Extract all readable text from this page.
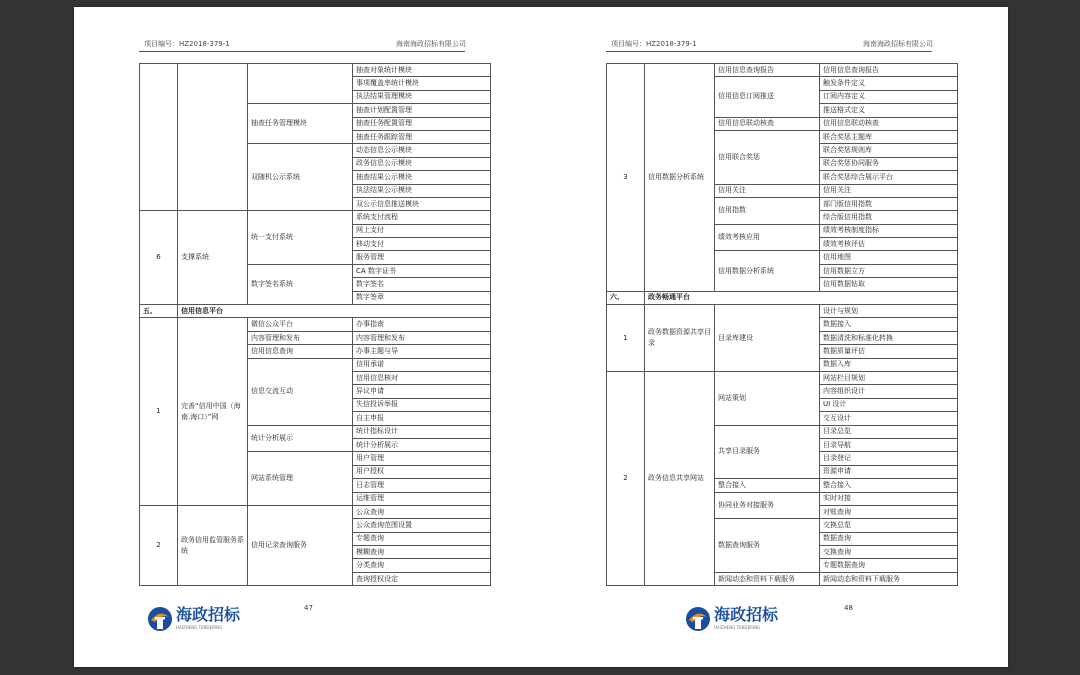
项目编号：HZ2018-379-1	海南海政招标有限公司
			抽查对象统计模块
			事项覆盖率统计模块
			执法结果管理模块
		抽查任务管理模块	抽查计划配置管理
			抽查任务配置管理
			抽查任务跟踪管理
		双随机公示系统	动态信息公示模块
			政务信息公示模块
			抽查结果公示模块
			执法结果公示模块
			双公示信息推送模块
6	支撑系统	统一支付系统	系统支付流程
			网上支付
			移动支付
			服务管理
		数字签名系统	CA 数字证书
			数字签名
			数字签章
五、	信用信息平台		
1	完善“信用中国（海南.海口）”网	微信公众平台	办事指南
		内容管理和发布	内容管理和发布
		信用信息查询	办事主题与导
		信息交流互动	信用承诺
			信用信息核对
			异议申请
			失信投诉举报
			自主申报
		统计分析展示	统计指标设计
			统计分析展示
		网站系统管理	用户管理
			用户授权
			日志管理
			运维管理
2	政务信用监管服务系统	信用记录查询服务	公众查询
			公众查询范围设置
			专题查询
			模糊查询
			分类查询
			查询授权设定
海政招标
HAIZHENG TENDERING
47
项目编号：HZ2018-379-1	海南海政招标有限公司
3	信用数据分析系统	信用信息查询报告	信用信息查询报告
		信用信息订阅推送	触发条件定义
			订阅内容定义
			推送格式定义
		信用信息联动核查	信用信息联动核查
		信用联合奖惩	联合奖惩主题库
			联合奖惩规则库
			联合奖惩协同服务
			联合奖惩综合展示平台
		信用关注	信用关注
		信用指数	部门版信用指数
			综合版信用指数
		绩效考核应用	绩效考核制度指标
			绩效考核评估
		信用数据分析系统	信用地图
			信用数据立方
			信用数据钻取
六、	政务畅通平台		
1	政务数据资源共享目录	目录库建设	设计与规划
			数据接入
			数据清洗和标准化转换
			数据质量评估
			数据入库
2	政务信息共享网站	网站策划	网站栏目规划
			内容组织设计
			UI 设计
			交互设计
		共享目录服务	目录总览
			目录导航
			目录登记
			资源申请
		整合接入	整合接入
		协同业务对接服务	实时对接
			对账查询
		数据查询服务	交换总览
			数据查询
			交换查询
			专题数据查询
		新闻动态和资料下载服务	新闻动态和资料下载服务
海政招标
HAIZHENG TENDERING
48
